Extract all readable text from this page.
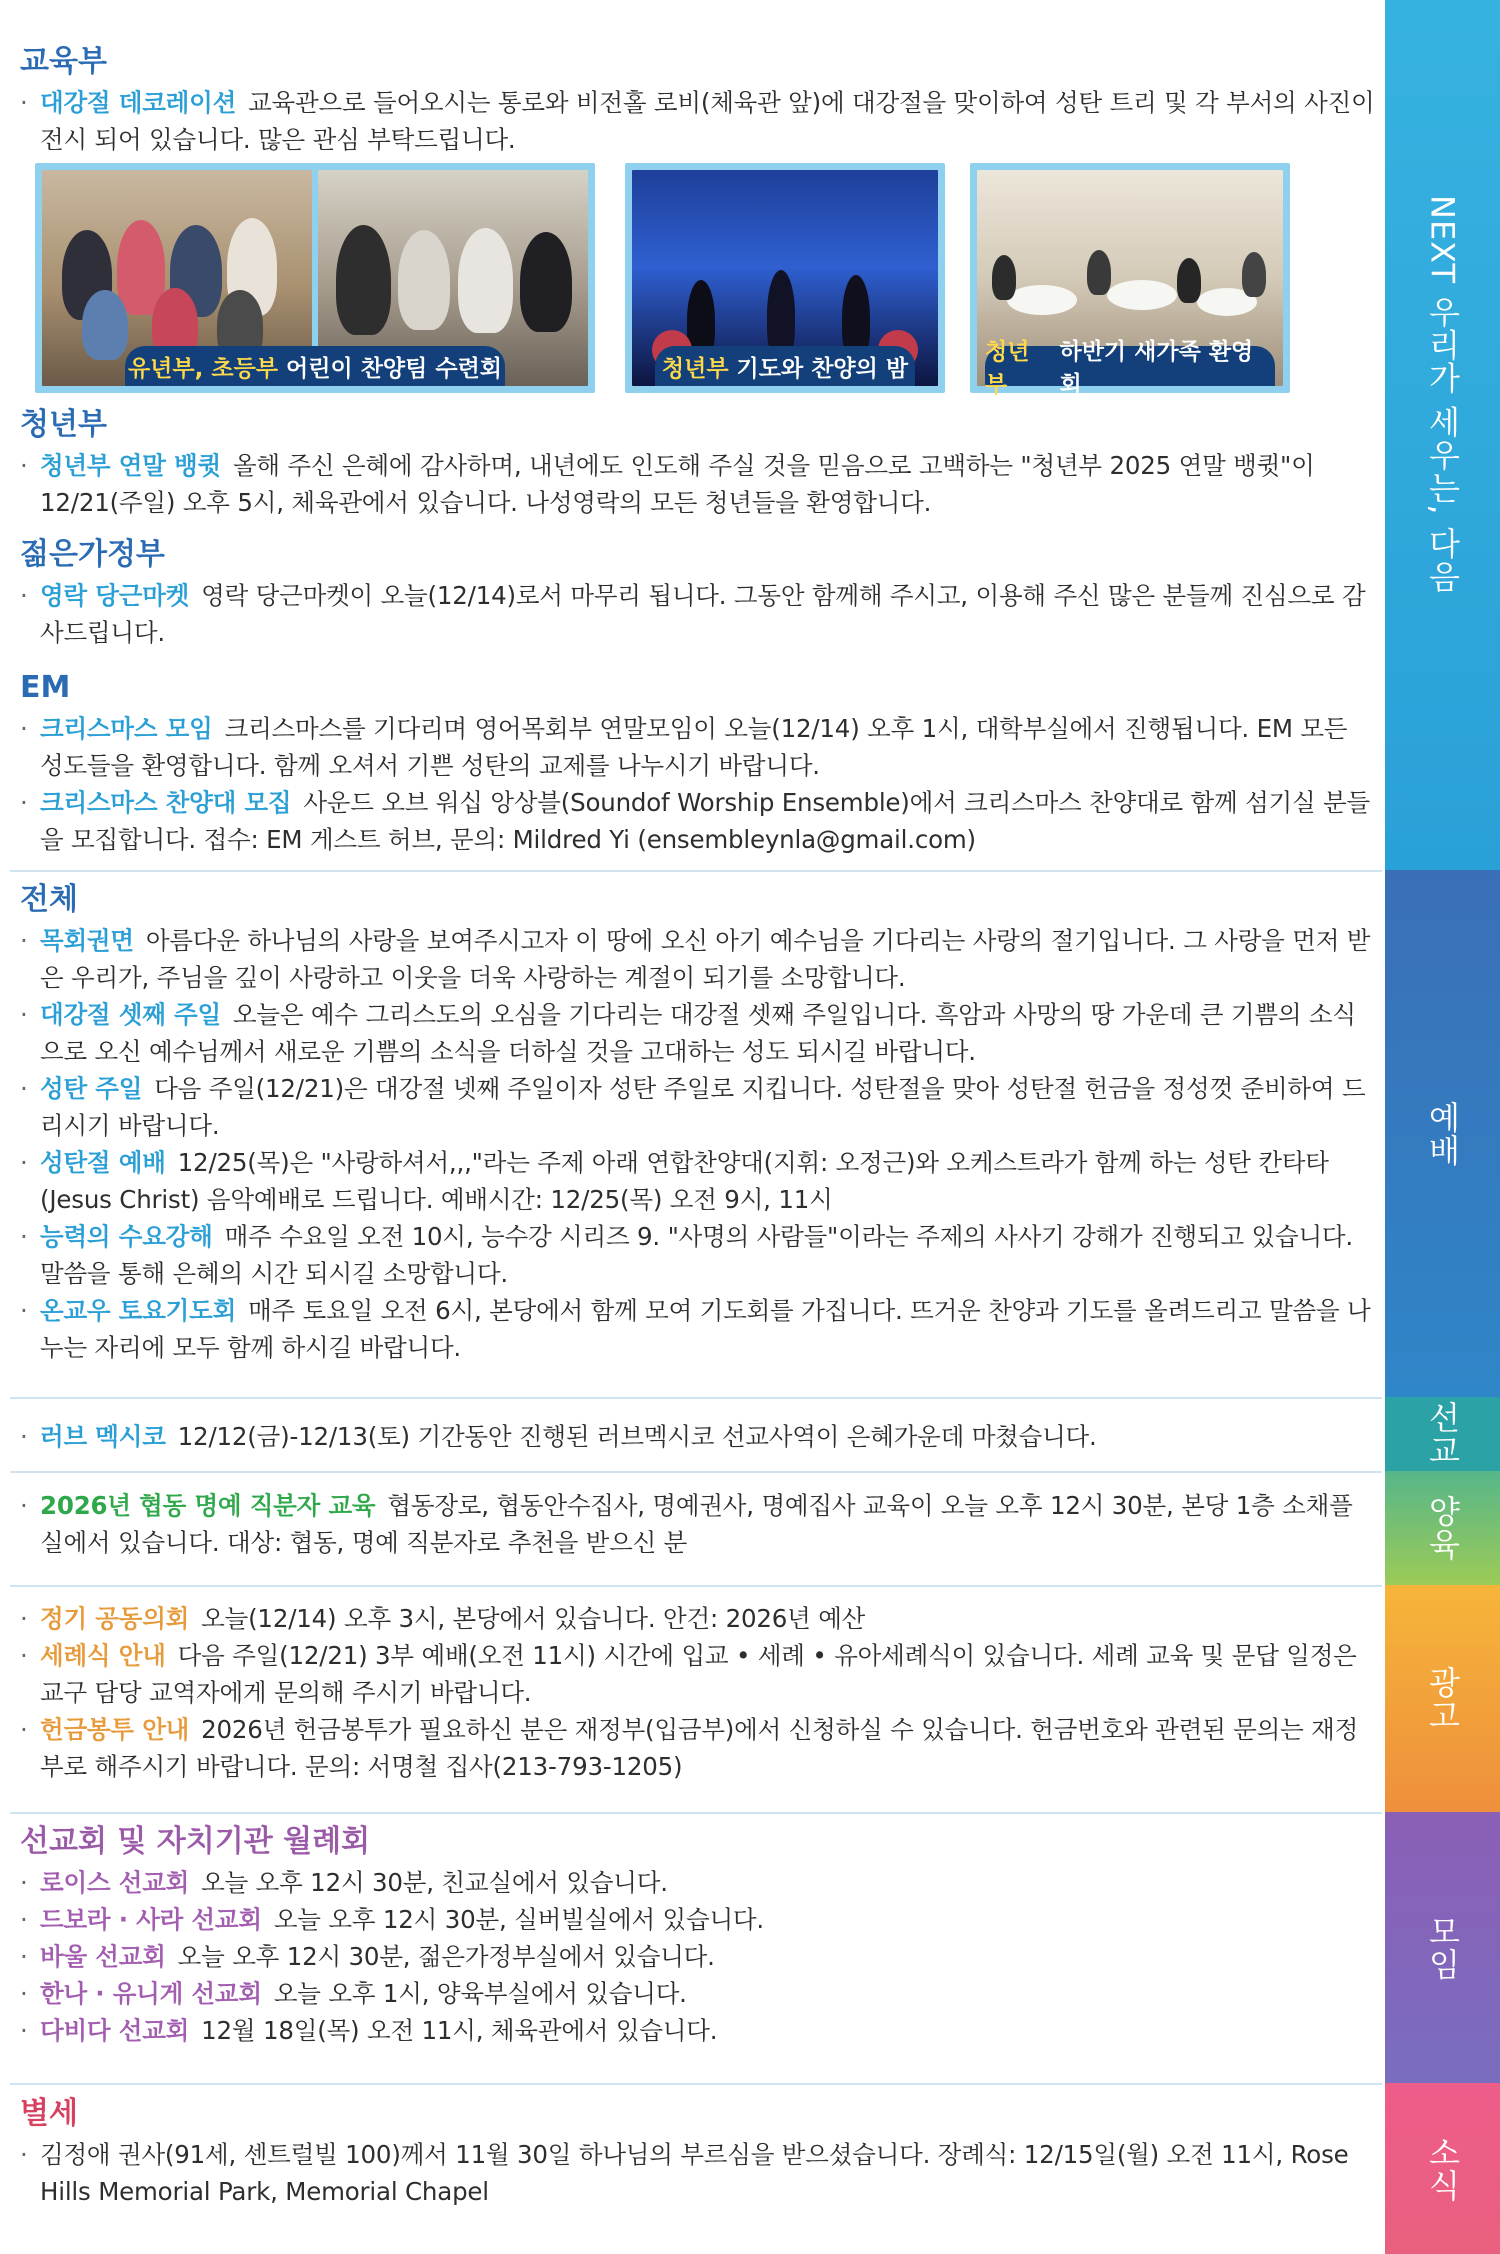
교육부
· 대강절 데코레이션 교육관으로 들어오시는 통로와 비전홀 로비(체육관 앞)에 대강절을 맞이하여 성탄 트리 및 각 부서의 사진이 전시 되어 있습니다. 많은 관심 부탁드립니다.
유년부, 초등부 어린이 찬양팀 수련회	청년부 기도와 찬양의 밤
청년부
하반기 새가족 환영회
청년부
· 청년부 연말 뱅큇 올해 주신 은혜에 감사하며, 내년에도 인도해 주실 것을 믿음으로 고백하는 "청년부 2025 연말 뱅큇"이 12/21(주일) 오후 5시, 체육관에서 있습니다. 나성영락의 모든 청년들을 환영합니다.
젊은가정부
· 영락 당근마켓 영락 당근마켓이 오늘(12/14)로서 마무리 됩니다. 그동안 함께해 주시고, 이용해 주신 많은 분들께 진심으로 감사드립니다.
EM
· 크리스마스 모임 크리스마스를 기다리며 영어목회부 연말모임이 오늘(12/14) 오후 1시, 대학부실에서 진행됩니다. EM 모든 성도들을 환영합니다. 함께 오셔서 기쁜 성탄의 교제를 나누시기 바랍니다.
· 크리스마스 찬양대 모집 사운드 오브 워십 앙상블(Soundof Worship Ensemble)에서 크리스마스 찬양대로 함께 섬기실 분들을 모집합니다. 접수: EM 게스트 허브, 문의: Mildred Yi (ensembleynla@gmail.com)
전체
· 목회권면 아름다운 하나님의 사랑을 보여주시고자 이 땅에 오신 아기 예수님을 기다리는 사랑의 절기입니다. 그 사랑을 먼저 받은 우리가, 주님을 깊이 사랑하고 이웃을 더욱 사랑하는 계절이 되기를 소망합니다.
· 대강절 셋째 주일 오늘은 예수 그리스도의 오심을 기다리는 대강절 셋째 주일입니다. 흑암과 사망의 땅 가운데 큰 기쁨의 소식으로 오신 예수님께서 새로운 기쁨의 소식을 더하실 것을 고대하는 성도 되시길 바랍니다.
· 성탄 주일 다음 주일(12/21)은 대강절 넷째 주일이자 성탄 주일로 지킵니다. 성탄절을 맞아 성탄절 헌금을 정성껏 준비하여 드리시기 바랍니다.
· 성탄절 예배 12/25(목)은 "사랑하셔서,,,"라는 주제 아래 연합찬양대(지휘: 오정근)와 오케스트라가 함께 하는 성탄 칸타타(Jesus Christ) 음악예배로 드립니다. 예배시간: 12/25(목) 오전 9시, 11시
· 능력의 수요강해 매주 수요일 오전 10시, 능수강 시리즈 9. "사명의 사람들"이라는 주제의 사사기 강해가 진행되고 있습니다. 말씀을 통해 은혜의 시간 되시길 소망합니다.
· 온교우 토요기도회 매주 토요일 오전 6시, 본당에서 함께 모여 기도회를 가집니다. 뜨거운 찬양과 기도를 올려드리고 말씀을 나누는 자리에 모두 함께 하시길 바랍니다.
· 러브 멕시코 12/12(금)-12/13(토) 기간동안 진행된 러브멕시코 선교사역이 은혜가운데 마쳤습니다.
· 2026년 협동 명예 직분자 교육 협동장로, 협동안수집사, 명예권사, 명예집사 교육이 오늘 오후 12시 30분, 본당 1층 소채플실에서 있습니다. 대상: 협동, 명예 직분자로 추천을 받으신 분
· 정기 공동의회 오늘(12/14) 오후 3시, 본당에서 있습니다. 안건: 2026년 예산
· 세례식 안내 다음 주일(12/21) 3부 예배(오전 11시) 시간에 입교 • 세례 • 유아세례식이 있습니다. 세례 교육 및 문답 일정은 교구 담당 교역자에게 문의해 주시기 바랍니다.
· 헌금봉투 안내 2026년 헌금봉투가 필요하신 분은 재정부(입금부)에서 신청하실 수 있습니다. 헌금번호와 관련된 문의는 재정부로 해주시기 바랍니다. 문의: 서명철 집사(213-793-1205)
선교회 및 자치기관 월례회
· 로이스 선교회 오늘 오후 12시 30분, 친교실에서 있습니다.
· 드보라 · 사라 선교회 오늘 오후 12시 30분, 실버빌실에서 있습니다.
· 바울 선교회 오늘 오후 12시 30분, 젊은가정부실에서 있습니다.
· 한나 · 유니게 선교회 오늘 오후 1시, 양육부실에서 있습니다.
· 다비다 선교회 12월 18일(목) 오전 11시, 체육관에서 있습니다.
별세
· 김정애 권사(91세, 센트럴빌 100)께서 11월 30일 하나님의 부르심을 받으셨습니다. 장례식: 12/15일(월) 오전 11시, Rose Hills Memorial Park, Memorial Chapel
NEXT 우리가 세우는, 다음
예배
선교
양육
광고
모임
소식
